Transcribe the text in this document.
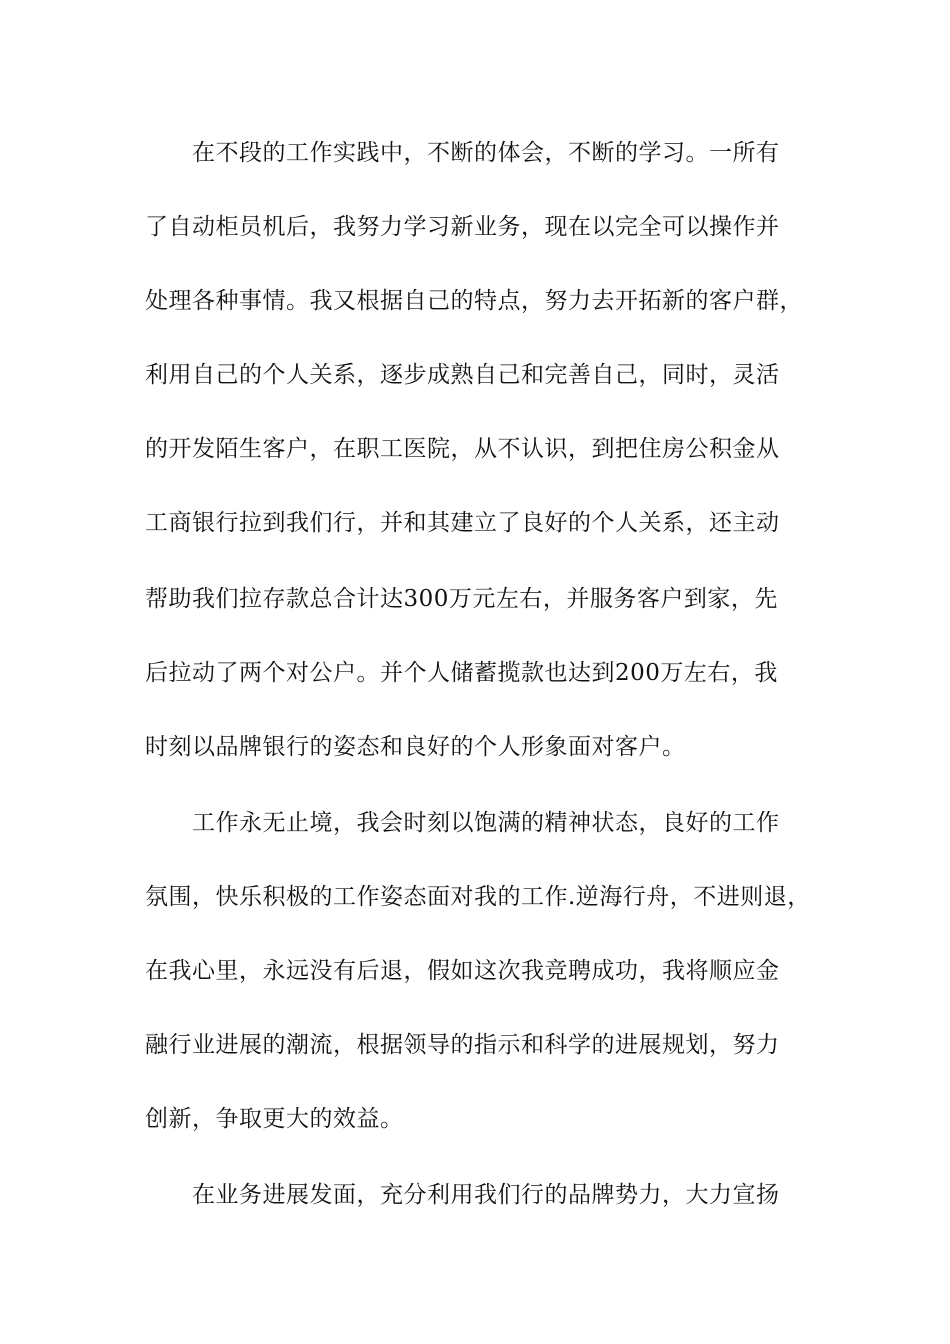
在不段的工作实践中，不断的体会，不断的学习。一所有
了自动柜员机后，我努力学习新业务，现在以完全可以操作并
处理各种事情。我又根据自己的特点，努力去开拓新的客户群，
利用自己的个人关系，逐步成熟自己和完善自己，同时，灵活
的开发陌生客户，在职工医院，从不认识，到把住房公积金从
工商银行拉到我们行，并和其建立了良好的个人关系，还主动
帮助我们拉存款总合计达300万元左右，并服务客户到家，先
后拉动了两个对公户。并个人储蓄揽款也达到200万左右，我
时刻以品牌银行的姿态和良好的个人形象面对客户。
工作永无止境，我会时刻以饱满的精神状态，良好的工作
氛围，快乐积极的工作姿态面对我的工作.逆海行舟，不进则退，
在我心里，永远没有后退，假如这次我竞聘成功，我将顺应金
融行业进展的潮流，根据领导的指示和科学的进展规划，努力
创新，争取更大的效益。
在业务进展发面，充分利用我们行的品牌势力，大力宣扬
